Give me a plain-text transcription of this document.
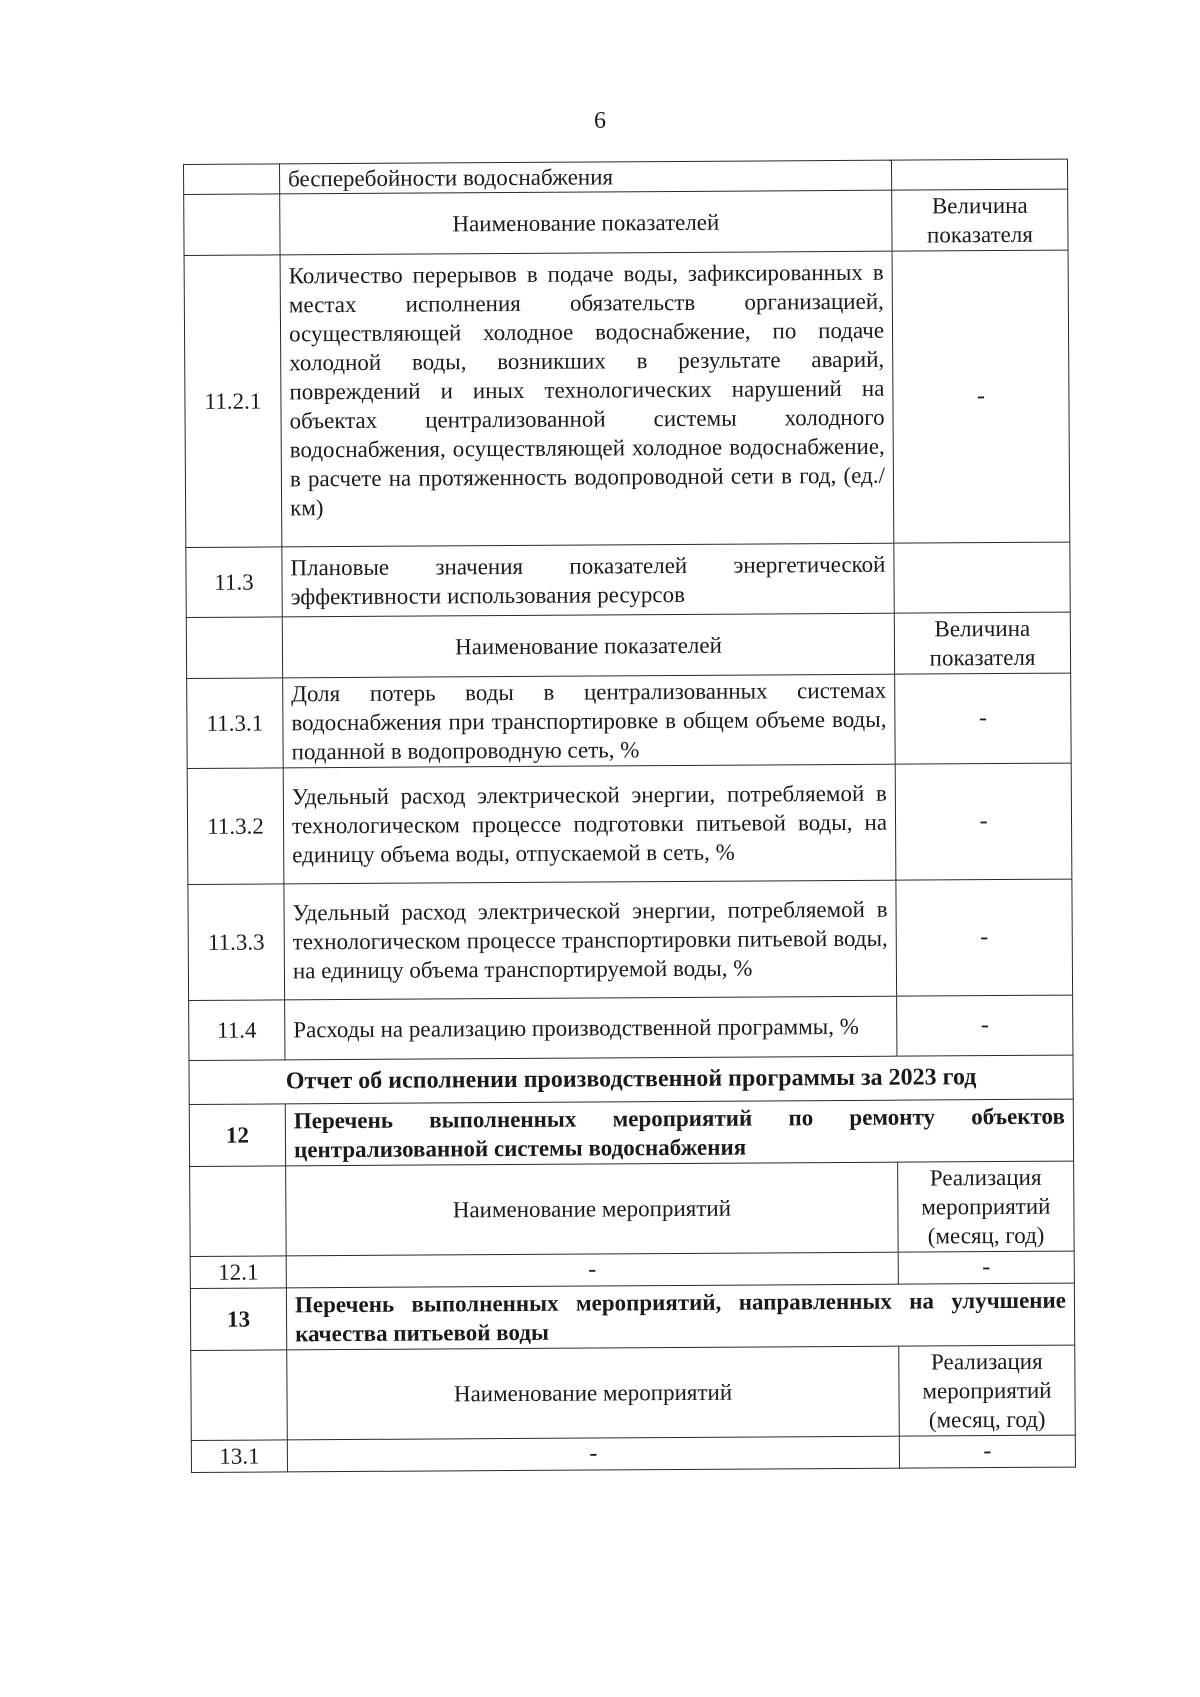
6
	бесперебойности водоснабжения	
	Наименование показателей	Величина показателя
11.2.1	Количество перерывов в подаче воды, зафиксированных в местах исполнения обязательств организацией, осуществляющей холодное водоснабжение, по подаче холодной воды, возникших в результате аварий, повреждений и иных технологических нарушений на объектах централизованной системы холодного водоснабжения, осуществляющей холодное водоснабжение, в расчете на протяженность водопроводной сети в год, (ед./км)	-
11.3	Плановые значения показателей энергетической эффективности использования ресурсов	
	Наименование показателей	Величина показателя
11.3.1	Доля потерь воды в централизованных системах водоснабжения при транспортировке в общем объеме воды, поданной в водопроводную сеть, %	-
11.3.2	Удельный расход электрической энергии, потребляемой в технологическом процессе подготовки питьевой воды, на единицу объема воды, отпускаемой в сеть, %	-
11.3.3	Удельный расход электрической энергии, потребляемой в технологическом процессе транспортировки питьевой воды, на единицу объема транспортируемой воды, %	-
11.4	Расходы на реализацию производственной программы, %	-
Отчет об исполнении производственной программы за 2023 год		
12	Перечень выполненных мероприятий по ремонту объектов централизованной системы водоснабжения	
	Наименование мероприятий	Реализация мероприятий (месяц, год)
12.1	-	-
13	Перечень выполненных мероприятий, направленных на улучшение качества питьевой воды	
	Наименование мероприятий	Реализация мероприятий (месяц, год)
13.1	-	-
